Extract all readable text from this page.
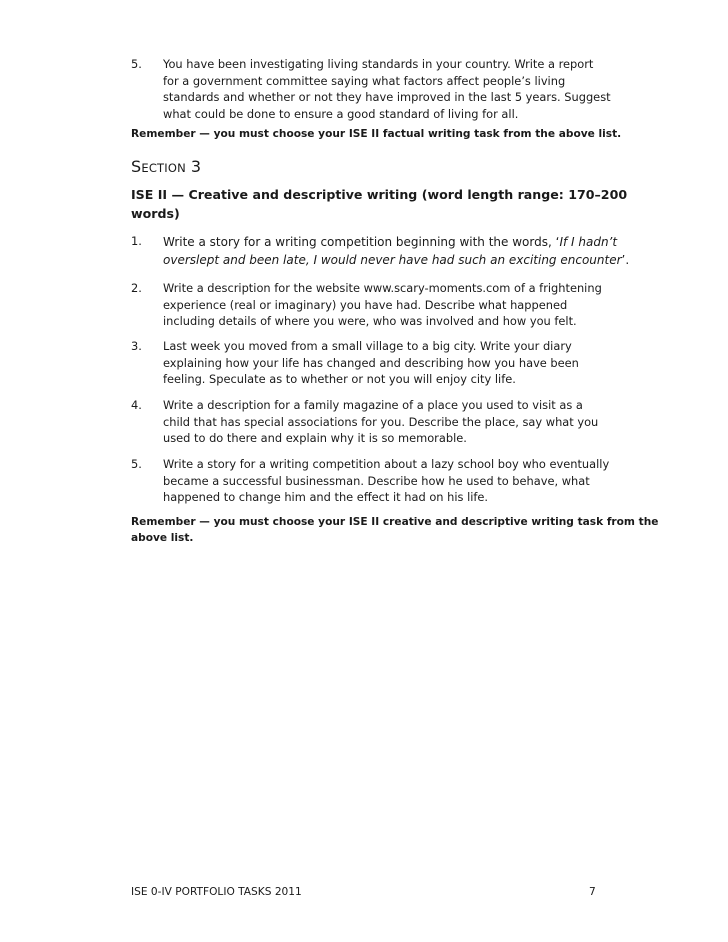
5. You have been investigating living standards in your country. Write a report
for a government committee saying what factors affect people’s living
standards and whether or not they have improved in the last 5 years. Suggest
what could be done to ensure a good standard of living for all.
Remember — you must choose your ISE II factual writing task from the above list.
SECTION 3
ISE II — Creative and descriptive writing (word length range: 170–200
words)
1. Write a story for a writing competition beginning with the words, ‘If I hadn’t
overslept and been late, I would never have had such an exciting encounter’.
2. Write a description for the website www.scary-moments.com of a frightening
experience (real or imaginary) you have had. Describe what happened
including details of where you were, who was involved and how you felt.
3. Last week you moved from a small village to a big city. Write your diary
explaining how your life has changed and describing how you have been
feeling. Speculate as to whether or not you will enjoy city life.
4. Write a description for a family magazine of a place you used to visit as a
child that has special associations for you. Describe the place, say what you
used to do there and explain why it is so memorable.
5. Write a story for a writing competition about a lazy school boy who eventually
became a successful businessman. Describe how he used to behave, what
happened to change him and the effect it had on his life.
Remember — you must choose your ISE II creative and descriptive writing task from the
above list.
ISE 0-IV PORTFOLIO TASKS 2011	7
